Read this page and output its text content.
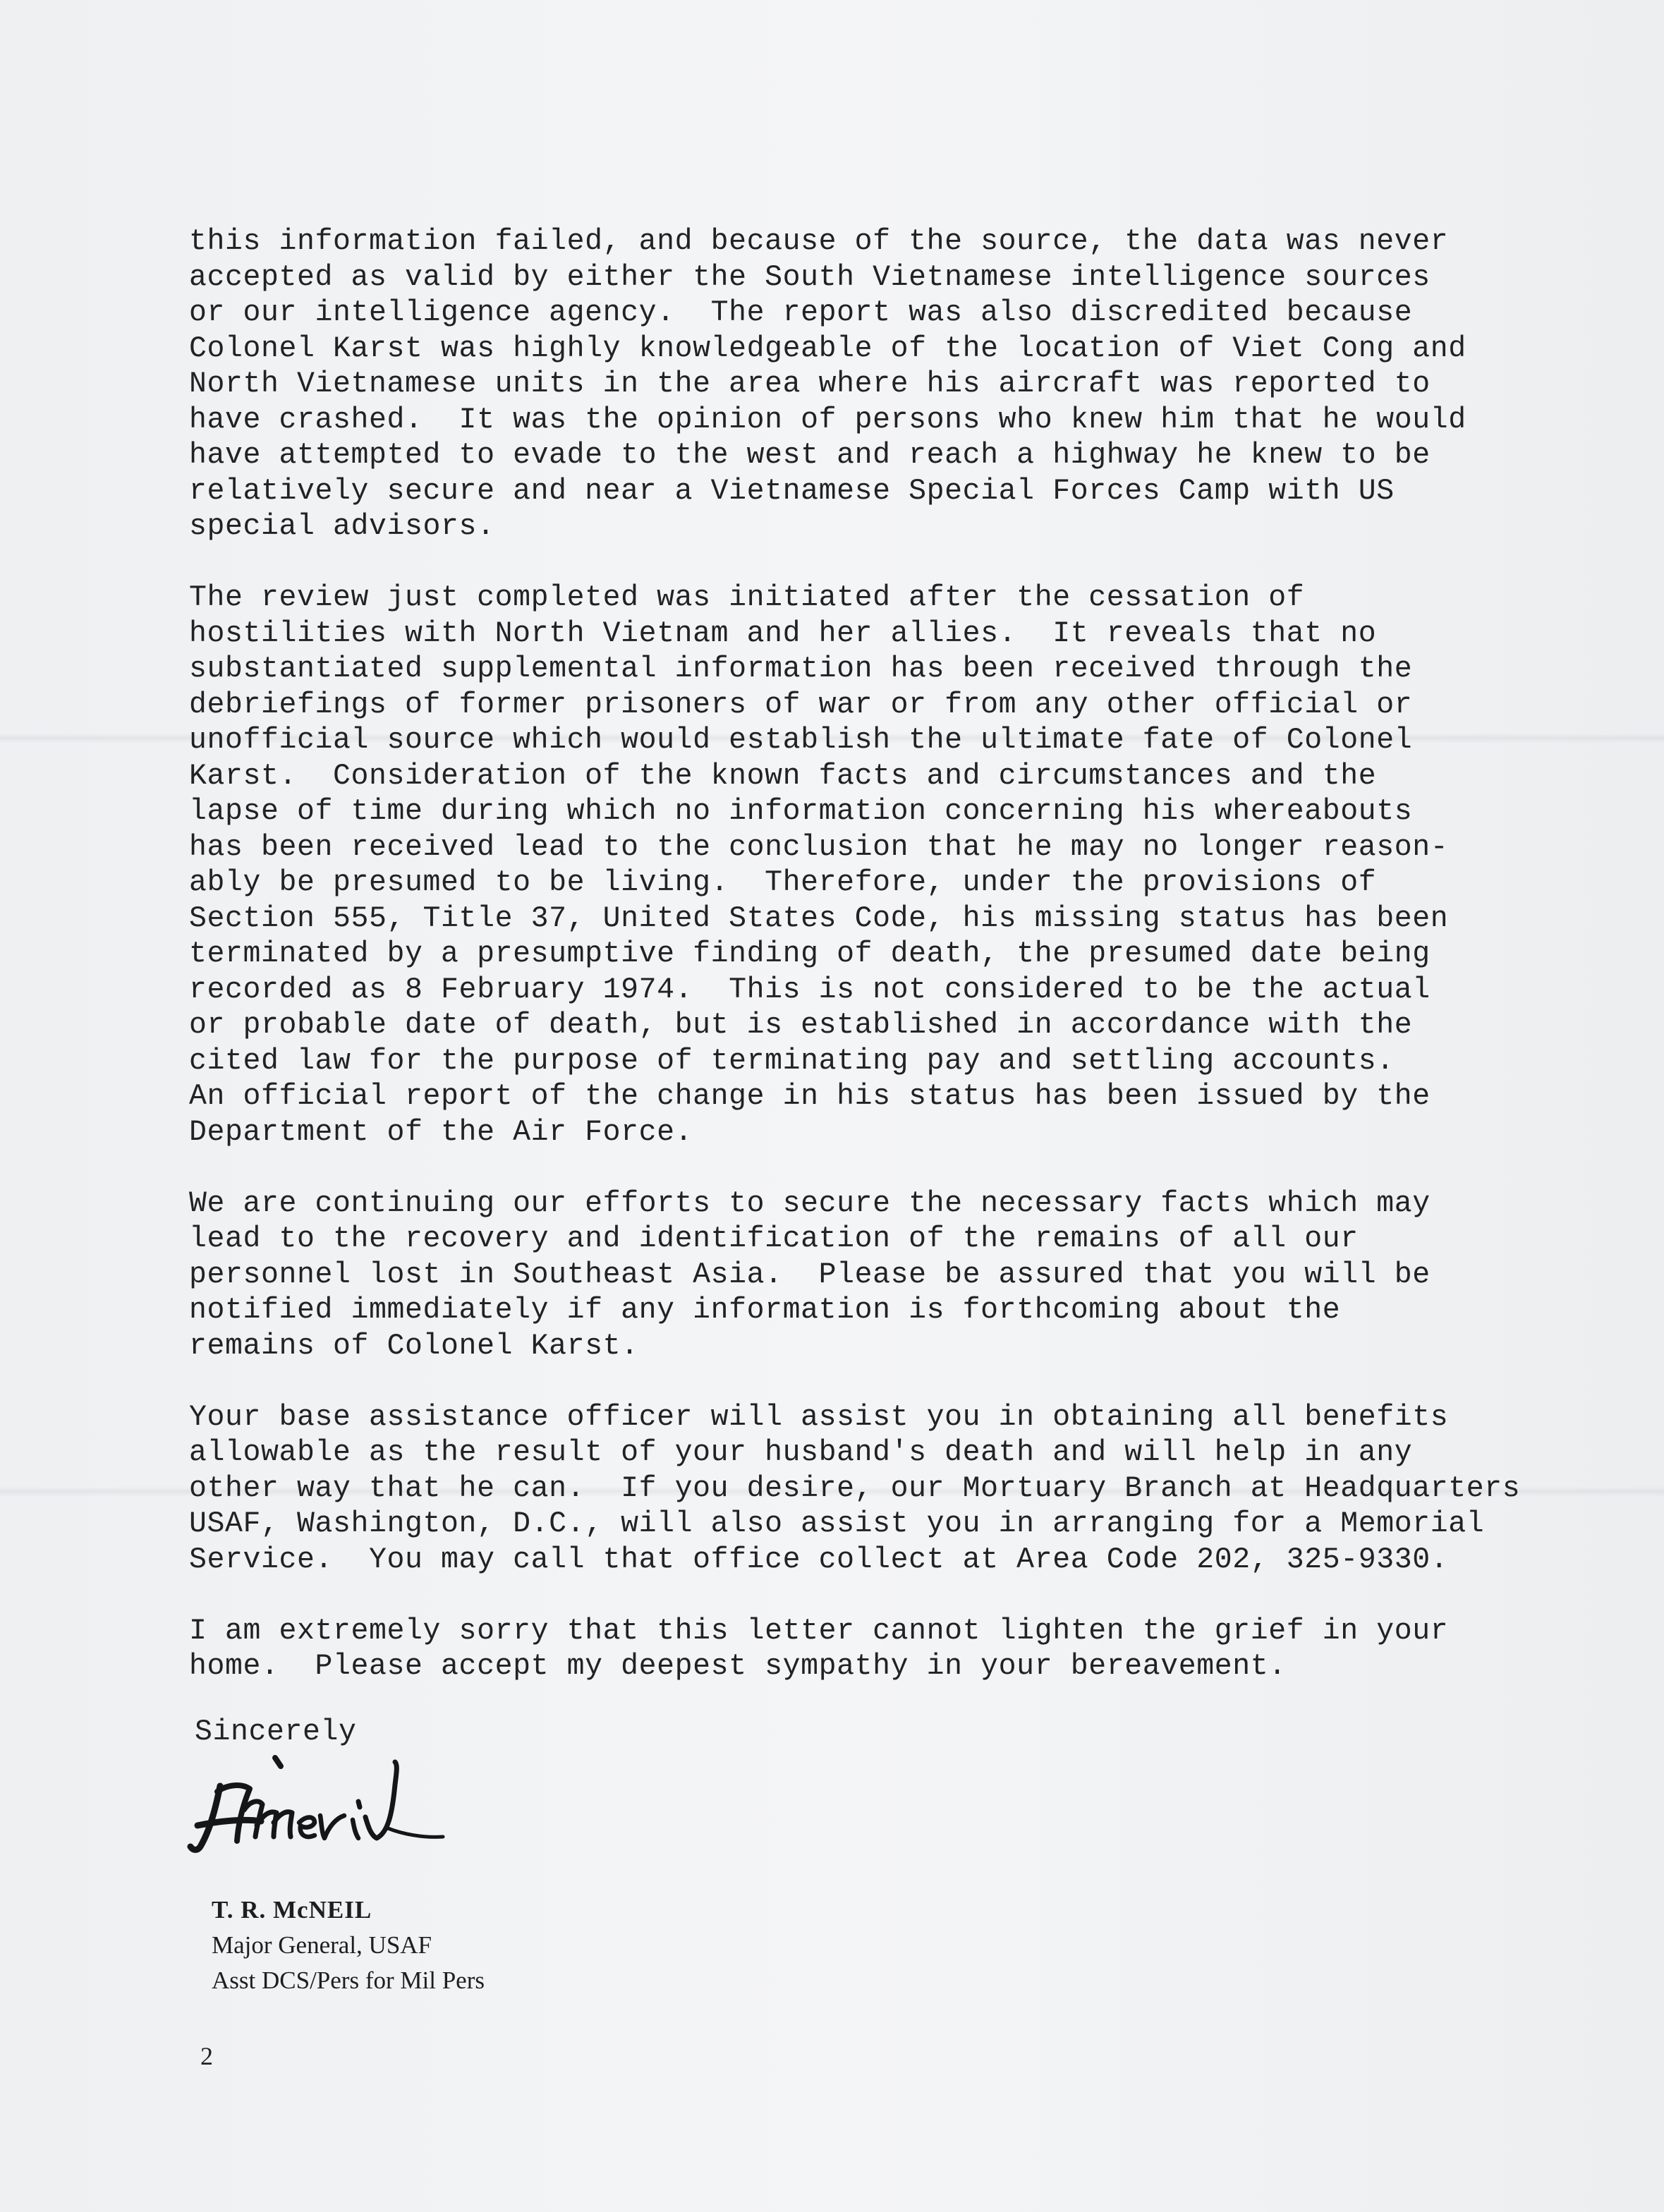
this information failed, and because of the source, the data was never
accepted as valid by either the South Vietnamese intelligence sources
or our intelligence agency.  The report was also discredited because
Colonel Karst was highly knowledgeable of the location of Viet Cong and
North Vietnamese units in the area where his aircraft was reported to
have crashed.  It was the opinion of persons who knew him that he would
have attempted to evade to the west and reach a highway he knew to be
relatively secure and near a Vietnamese Special Forces Camp with US
special advisors.
The review just completed was initiated after the cessation of
hostilities with North Vietnam and her allies.  It reveals that no
substantiated supplemental information has been received through the
debriefings of former prisoners of war or from any other official or
unofficial source which would establish the ultimate fate of Colonel
Karst.  Consideration of the known facts and circumstances and the
lapse of time during which no information concerning his whereabouts
has been received lead to the conclusion that he may no longer reason-
ably be presumed to be living.  Therefore, under the provisions of
Section 555, Title 37, United States Code, his missing status has been
terminated by a presumptive finding of death, the presumed date being
recorded as 8 February 1974.  This is not considered to be the actual
or probable date of death, but is established in accordance with the
cited law for the purpose of terminating pay and settling accounts.
An official report of the change in his status has been issued by the
Department of the Air Force.
We are continuing our efforts to secure the necessary facts which may
lead to the recovery and identification of the remains of all our
personnel lost in Southeast Asia.  Please be assured that you will be
notified immediately if any information is forthcoming about the
remains of Colonel Karst.
Your base assistance officer will assist you in obtaining all benefits
allowable as the result of your husband's death and will help in any
other way that he can.  If you desire, our Mortuary Branch at Headquarters
USAF, Washington, D.C., will also assist you in arranging for a Memorial
Service.  You may call that office collect at Area Code 202, 325-9330.
I am extremely sorry that this letter cannot lighten the grief in your
home.  Please accept my deepest sympathy in your bereavement.
Sincerely
T. R. McNEIL
Major General, USAF
Asst DCS/Pers for Mil Pers
2
